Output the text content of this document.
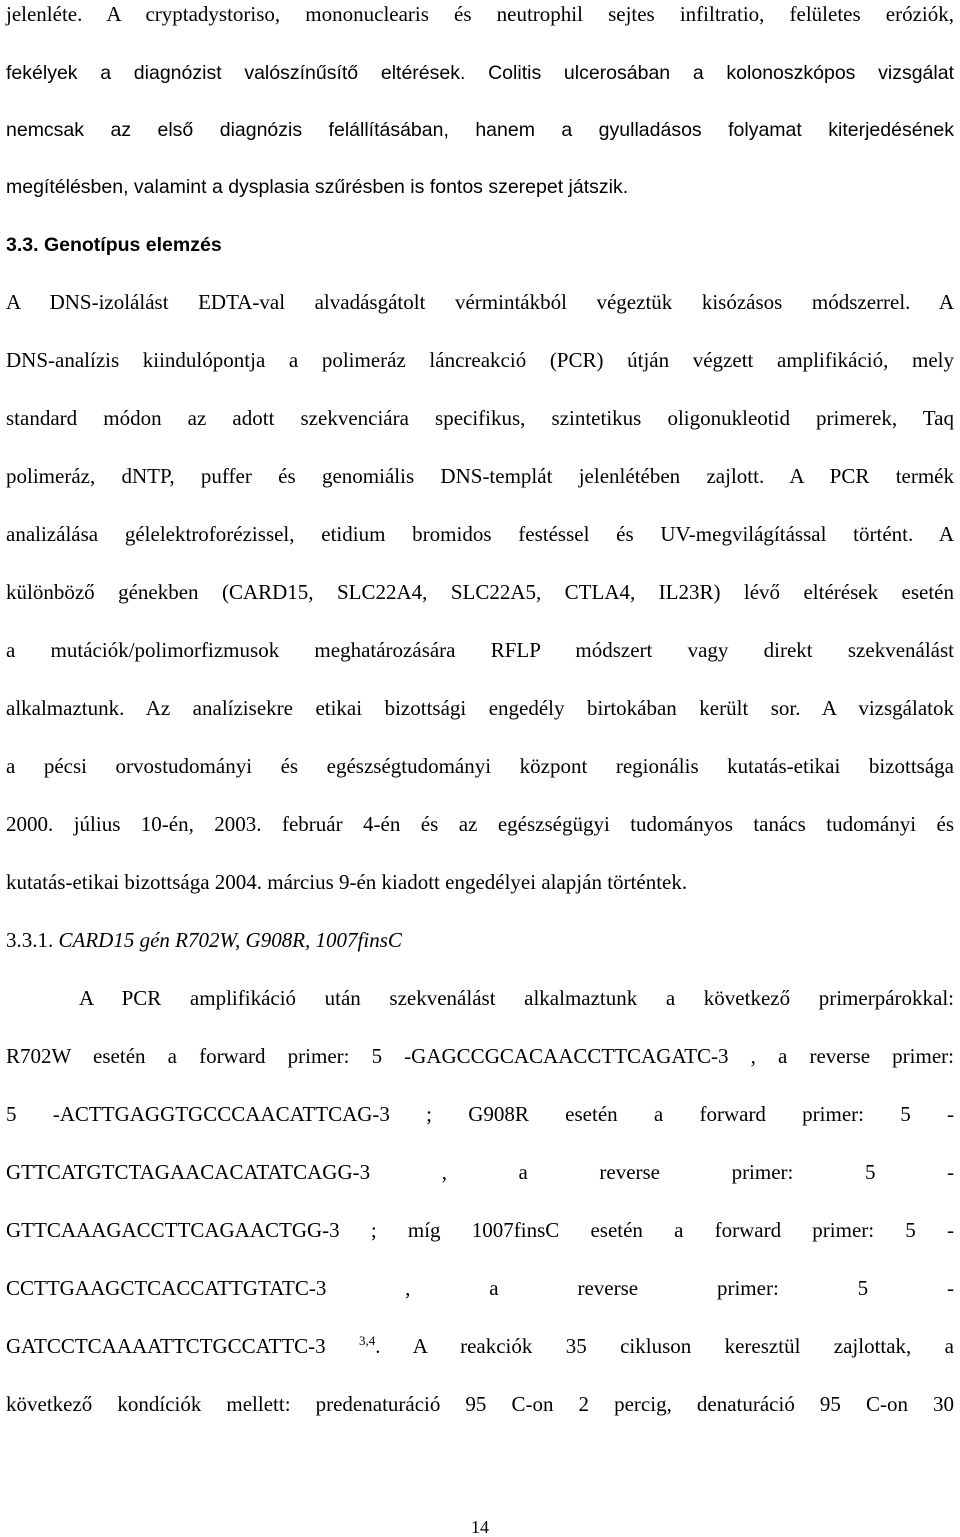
jelenléte. A cryptadystoriso, mononuclearis és neutrophil sejtes infiltratio, felületes eróziók,
fekélyek a diagnózist valószínűsítő eltérések. Colitis ulcerosában a kolonoszkópos vizsgálat
nemcsak az első diagnózis felállításában, hanem a gyulladásos folyamat kiterjedésének
megítélésben, valamint a dysplasia szűrésben is fontos szerepet játszik.
3.3. Genotípus elemzés
A DNS-izolálást EDTA-val alvadásgátolt vérmintákból végeztük kisózásos módszerrel. A
DNS-analízis kiindulópontja a polimeráz láncreakció (PCR) útján végzett amplifikáció, mely
standard módon az adott szekvenciára specifikus, szintetikus oligonukleotid primerek, Taq
polimeráz, dNTP, puffer és genomiális DNS-templát jelenlétében zajlott. A PCR termék
analizálása gélelektroforézissel, etidium bromidos festéssel és UV-megvilágítással történt. A
különböző génekben (CARD15, SLC22A4, SLC22A5, CTLA4, IL23R) lévő eltérések esetén
a mutációk/polimorfizmusok meghatározására RFLP módszert vagy direkt szekvenálást
alkalmaztunk. Az analízisekre etikai bizottsági engedély birtokában került sor. A vizsgálatok
a pécsi orvostudományi és egészségtudományi központ regionális kutatás-etikai bizottsága
2000. július 10-én, 2003. február 4-én és az egészségügyi tudományos tanács tudományi és
kutatás-etikai bizottsága 2004. március 9-én kiadott engedélyei alapján történtek.
3.3.1. CARD15 gén R702W, G908R, 1007finsC
A PCR amplifikáció után szekvenálást alkalmaztunk a következő primerpárokkal:
R702W esetén a forward primer: 5 -GAGCCGCACAACCTTCAGATC-3 , a reverse primer:
5 -ACTTGAGGTGCCCAACATTCAG-3 ; G908R esetén a forward primer: 5 -
GTTCATGTCTAGAACACATATCAGG-3 , a reverse primer: 5 -
GTTCAAAGACCTTCAGAACTGG-3 ; míg 1007finsC esetén a forward primer: 5 -
CCTTGAAGCTCACCATTGTATC-3 , a reverse primer: 5 -
GATCCTCAAAATTCTGCCATTC-3 $^{3,4}$. A reakciók 35 cikluson keresztül zajlottak, a
következő kondíciók mellett: predenaturáció 95 C-on 2 percig, denaturáció 95 C-on 30
14
